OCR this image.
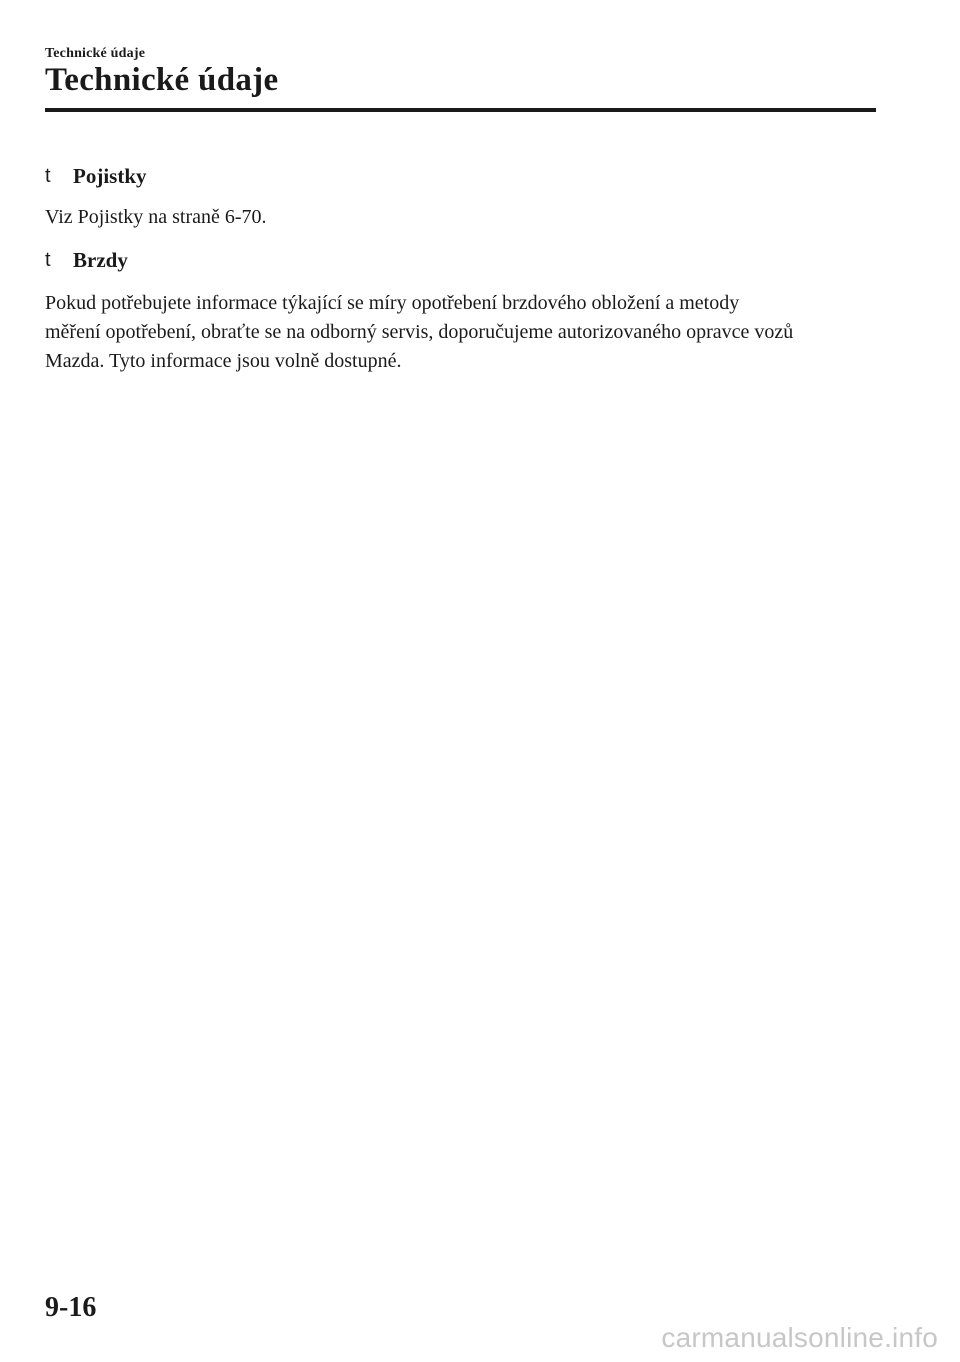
Technické údaje
Technické údaje
t	Pojistky
Viz Pojistky na straně 6-70.
t	Brzdy
Pokud potřebujete informace týkající se míry opotřebení brzdového obložení a metody
měření opotřebení, obraťte se na odborný servis, doporučujeme autorizovaného opravce vozů
Mazda. Tyto informace jsou volně dostupné.
9-16
carmanualsonline.info
